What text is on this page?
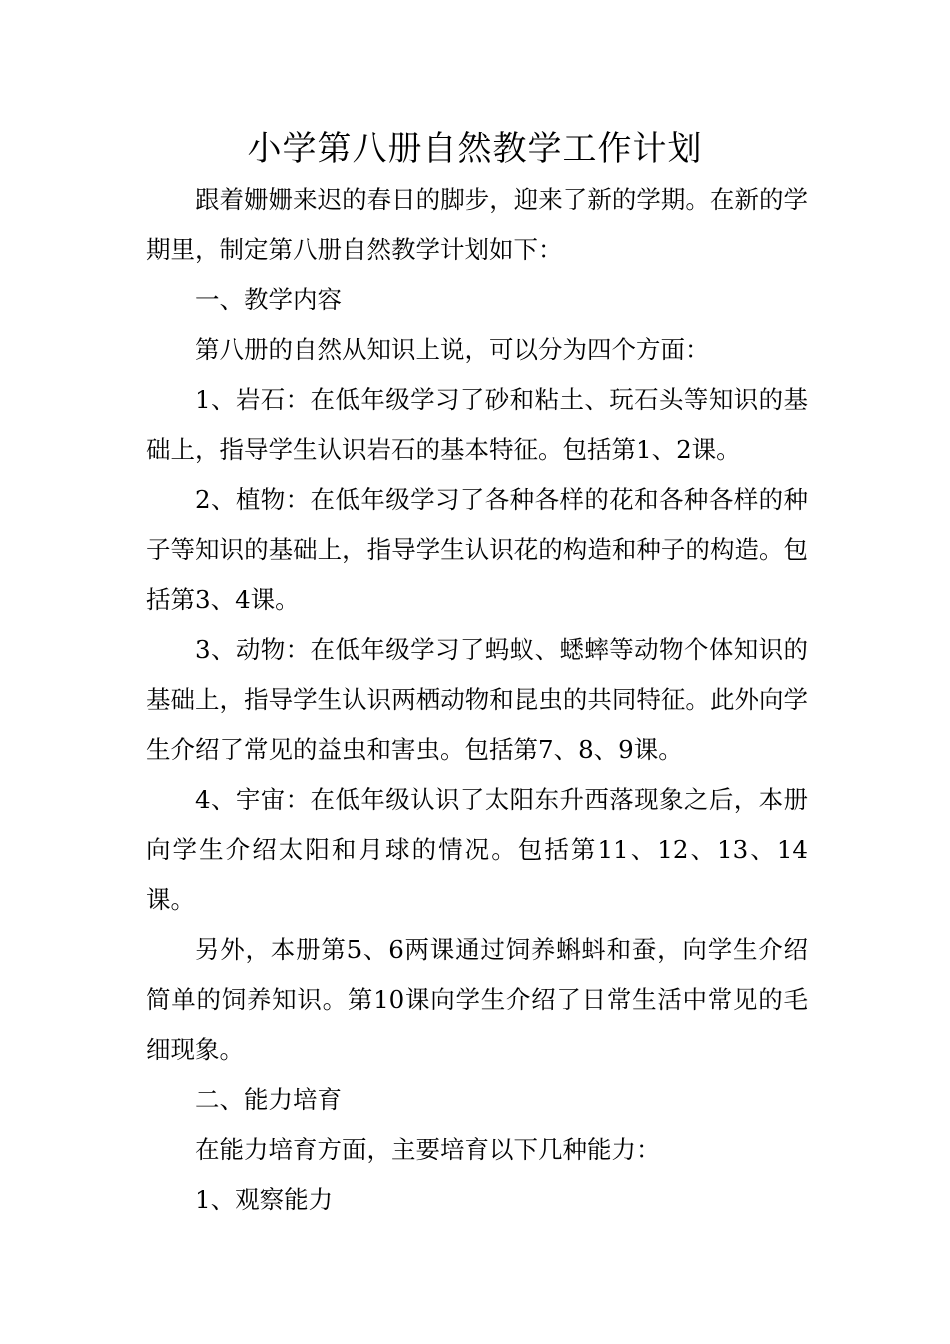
小学第八册自然教学工作计划

跟着姗姗来迟的春日的脚步，迎来了新的学期。在新的学期里，制定第八册自然教学计划如下：

一、教学内容

第八册的自然从知识上说，可以分为四个方面：

1、岩石：在低年级学习了砂和粘土、玩石头等知识的基础上，指导学生认识岩石的基本特征。包括第1、2课。

2、植物：在低年级学习了各种各样的花和各种各样的种子等知识的基础上，指导学生认识花的构造和种子的构造。包括第3、4课。

3、动物：在低年级学习了蚂蚁、蟋蟀等动物个体知识的基础上，指导学生认识两栖动物和昆虫的共同特征。此外向学生介绍了常见的益虫和害虫。包括第7、8、9课。

4、宇宙：在低年级认识了太阳东升西落现象之后，本册向学生介绍太阳和月球的情况。包括第11、12、13、14课。

另外，本册第5、6两课通过饲养蝌蚪和蚕，向学生介绍简单的饲养知识。第10课向学生介绍了日常生活中常见的毛细现象。

二、能力培育

在能力培育方面，主要培育以下几种能力：

1、观察能力
